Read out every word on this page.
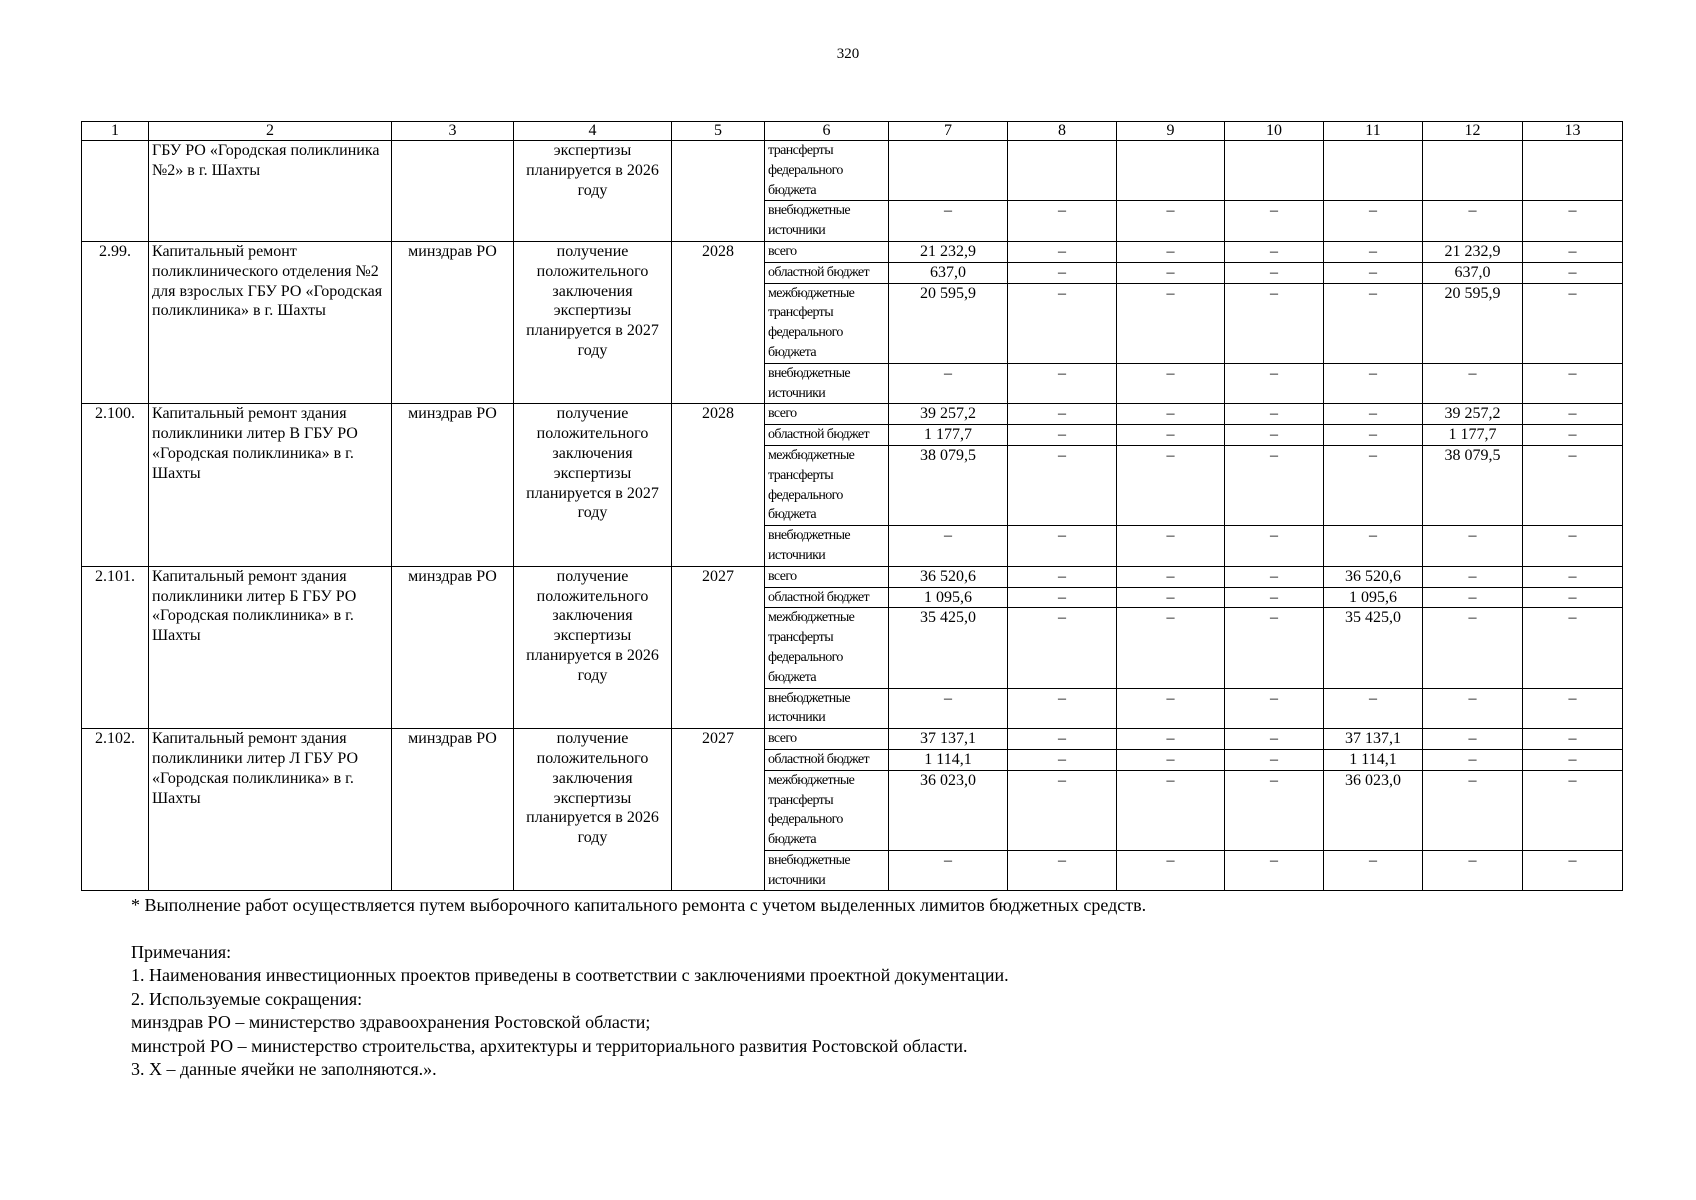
320
1	2	3	4	5	6	7	8	9	10	11	12	13
	ГБУ РО «Городская поликлиника №2» в г. Шахты		экспертизы планируется в 2026 году		трансферты федерального бюджета							
					внебюджетные источники	–	–	–	–	–	–	–
2.99.	Капитальный ремонт поликлинического отделения №2 для взрослых ГБУ РО «Городская поликлиника» в г. Шахты	минздрав РО	получение положительного заключения экспертизы планируется в 2027 году	2028	всего	21 232,9	–	–	–	–	21 232,9	–
					областной бюджет	637,0	–	–	–	–	637,0	–
					межбюджетные трансферты федерального бюджета	20 595,9	–	–	–	–	20 595,9	–
					внебюджетные источники	–	–	–	–	–	–	–
2.100.	Капитальный ремонт здания поликлиники литер В ГБУ РО «Городская поликлиника» в г. Шахты	минздрав РО	получение положительного заключения экспертизы планируется в 2027 году	2028	всего	39 257,2	–	–	–	–	39 257,2	–
					областной бюджет	1 177,7	–	–	–	–	1 177,7	–
					межбюджетные трансферты федерального бюджета	38 079,5	–	–	–	–	38 079,5	–
					внебюджетные источники	–	–	–	–	–	–	–
2.101.	Капитальный ремонт здания поликлиники литер Б ГБУ РО «Городская поликлиника» в г. Шахты	минздрав РО	получение положительного заключения экспертизы планируется в 2026 году	2027	всего	36 520,6	–	–	–	36 520,6	–	–
					областной бюджет	1 095,6	–	–	–	1 095,6	–	–
					межбюджетные трансферты федерального бюджета	35 425,0	–	–	–	35 425,0	–	–
					внебюджетные источники	–	–	–	–	–	–	–
2.102.	Капитальный ремонт здания поликлиники литер Л ГБУ РО «Городская поликлиника» в г. Шахты	минздрав РО	получение положительного заключения экспертизы планируется в 2026 году	2027	всего	37 137,1	–	–	–	37 137,1	–	–
					областной бюджет	1 114,1	–	–	–	1 114,1	–	–
					межбюджетные трансферты федерального бюджета	36 023,0	–	–	–	36 023,0	–	–
					внебюджетные источники	–	–	–	–	–	–	–

* Выполнение работ осуществляется путем выборочного капитального ремонта с учетом выделенных лимитов бюджетных средств.

Примечания:

1. Наименования инвестиционных проектов приведены в соответствии с заключениями проектной документации.

2. Используемые сокращения:

минздрав РО – министерство здравоохранения Ростовской области;

минстрой РО – министерство строительства, архитектуры и территориального развития Ростовской области.

3. Х – данные ячейки не заполняются.».
